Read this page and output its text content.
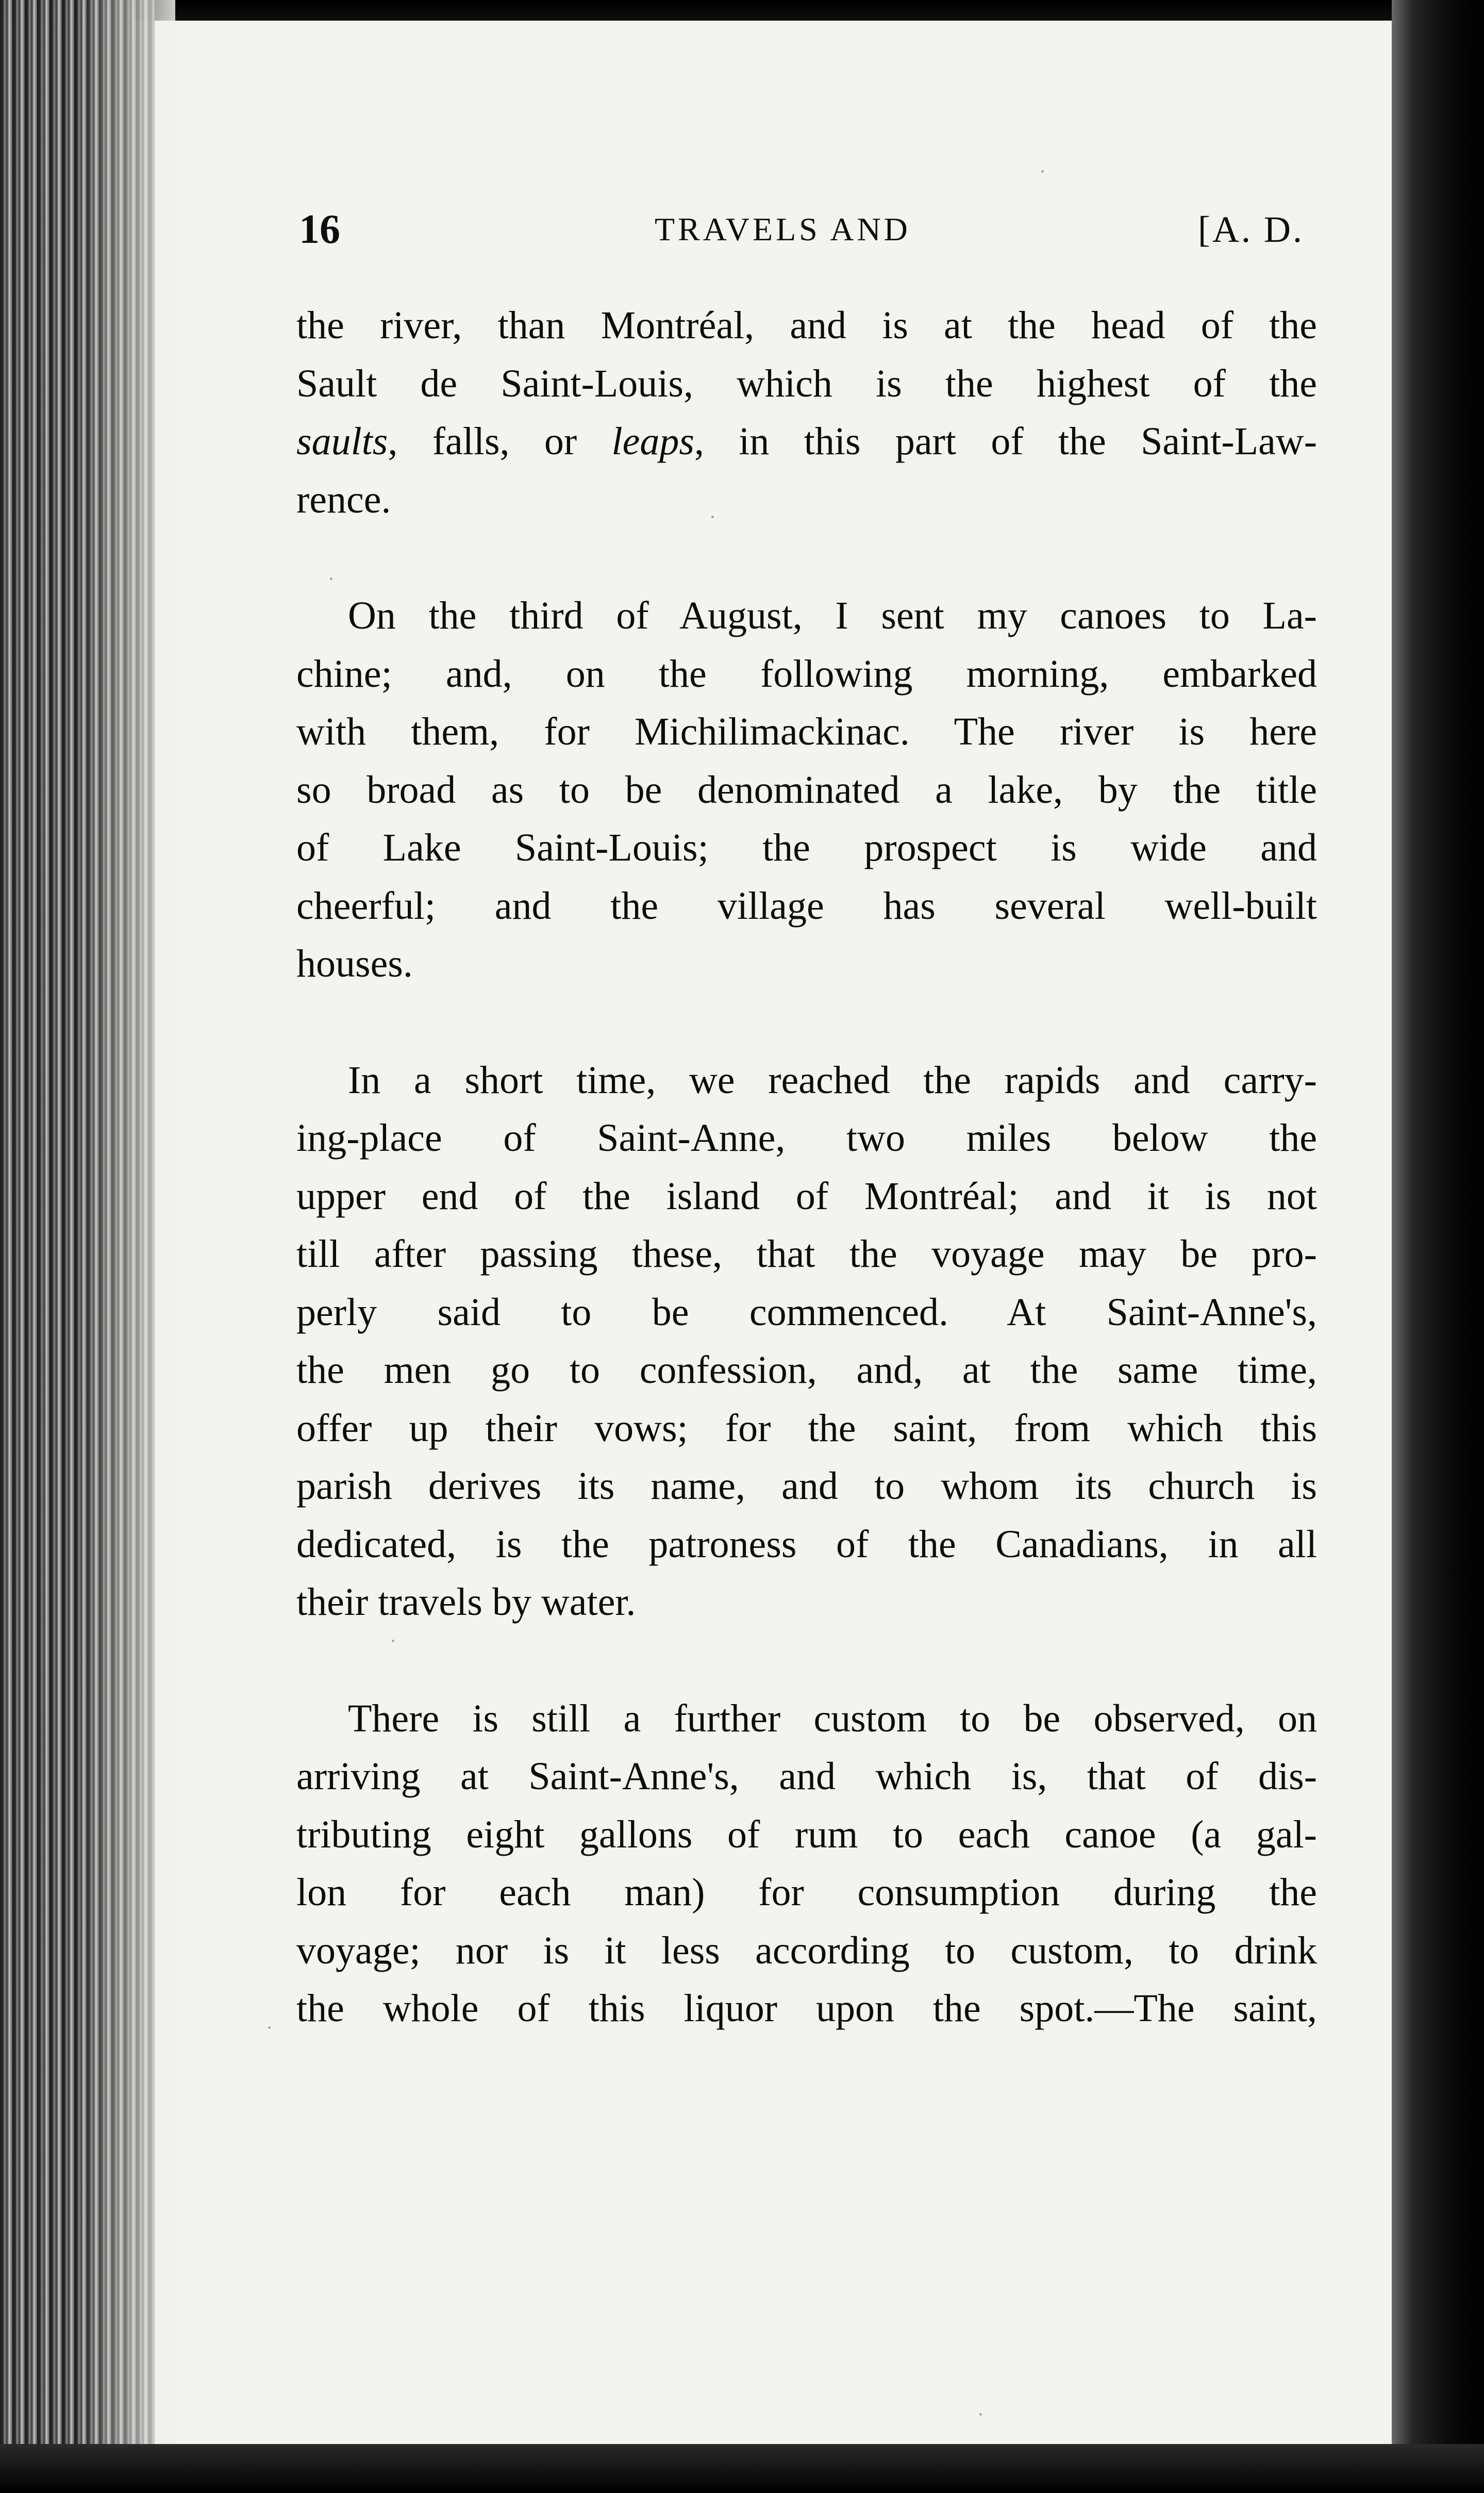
16	TRAVELS AND	[A. D.
the river, than Montréal, and is at the head of the
Sault de Saint-Louis, which is the highest of the
saults, falls, or leaps, in this part of the Saint-Law-
rence.
On the third of August, I sent my canoes to La-
chine; and, on the following morning, embarked
with them, for Michilimackinac. The river is here
so broad as to be denominated a lake, by the title
of Lake Saint-Louis; the prospect is wide and
cheerful; and the village has several well-built
houses.
In a short time, we reached the rapids and carry-
ing-place of Saint-Anne, two miles below the
upper end of the island of Montréal; and it is not
till after passing these, that the voyage may be pro-
perly said to be commenced. At Saint-Anne's,
the men go to confession, and, at the same time,
offer up their vows; for the saint, from which this
parish derives its name, and to whom its church is
dedicated, is the patroness of the Canadians, in all
their travels by water.
There is still a further custom to be observed, on
arriving at Saint-Anne's, and which is, that of dis-
tributing eight gallons of rum to each canoe (a gal-
lon for each man) for consumption during the
voyage; nor is it less according to custom, to drink
the whole of this liquor upon the spot.—The saint,
